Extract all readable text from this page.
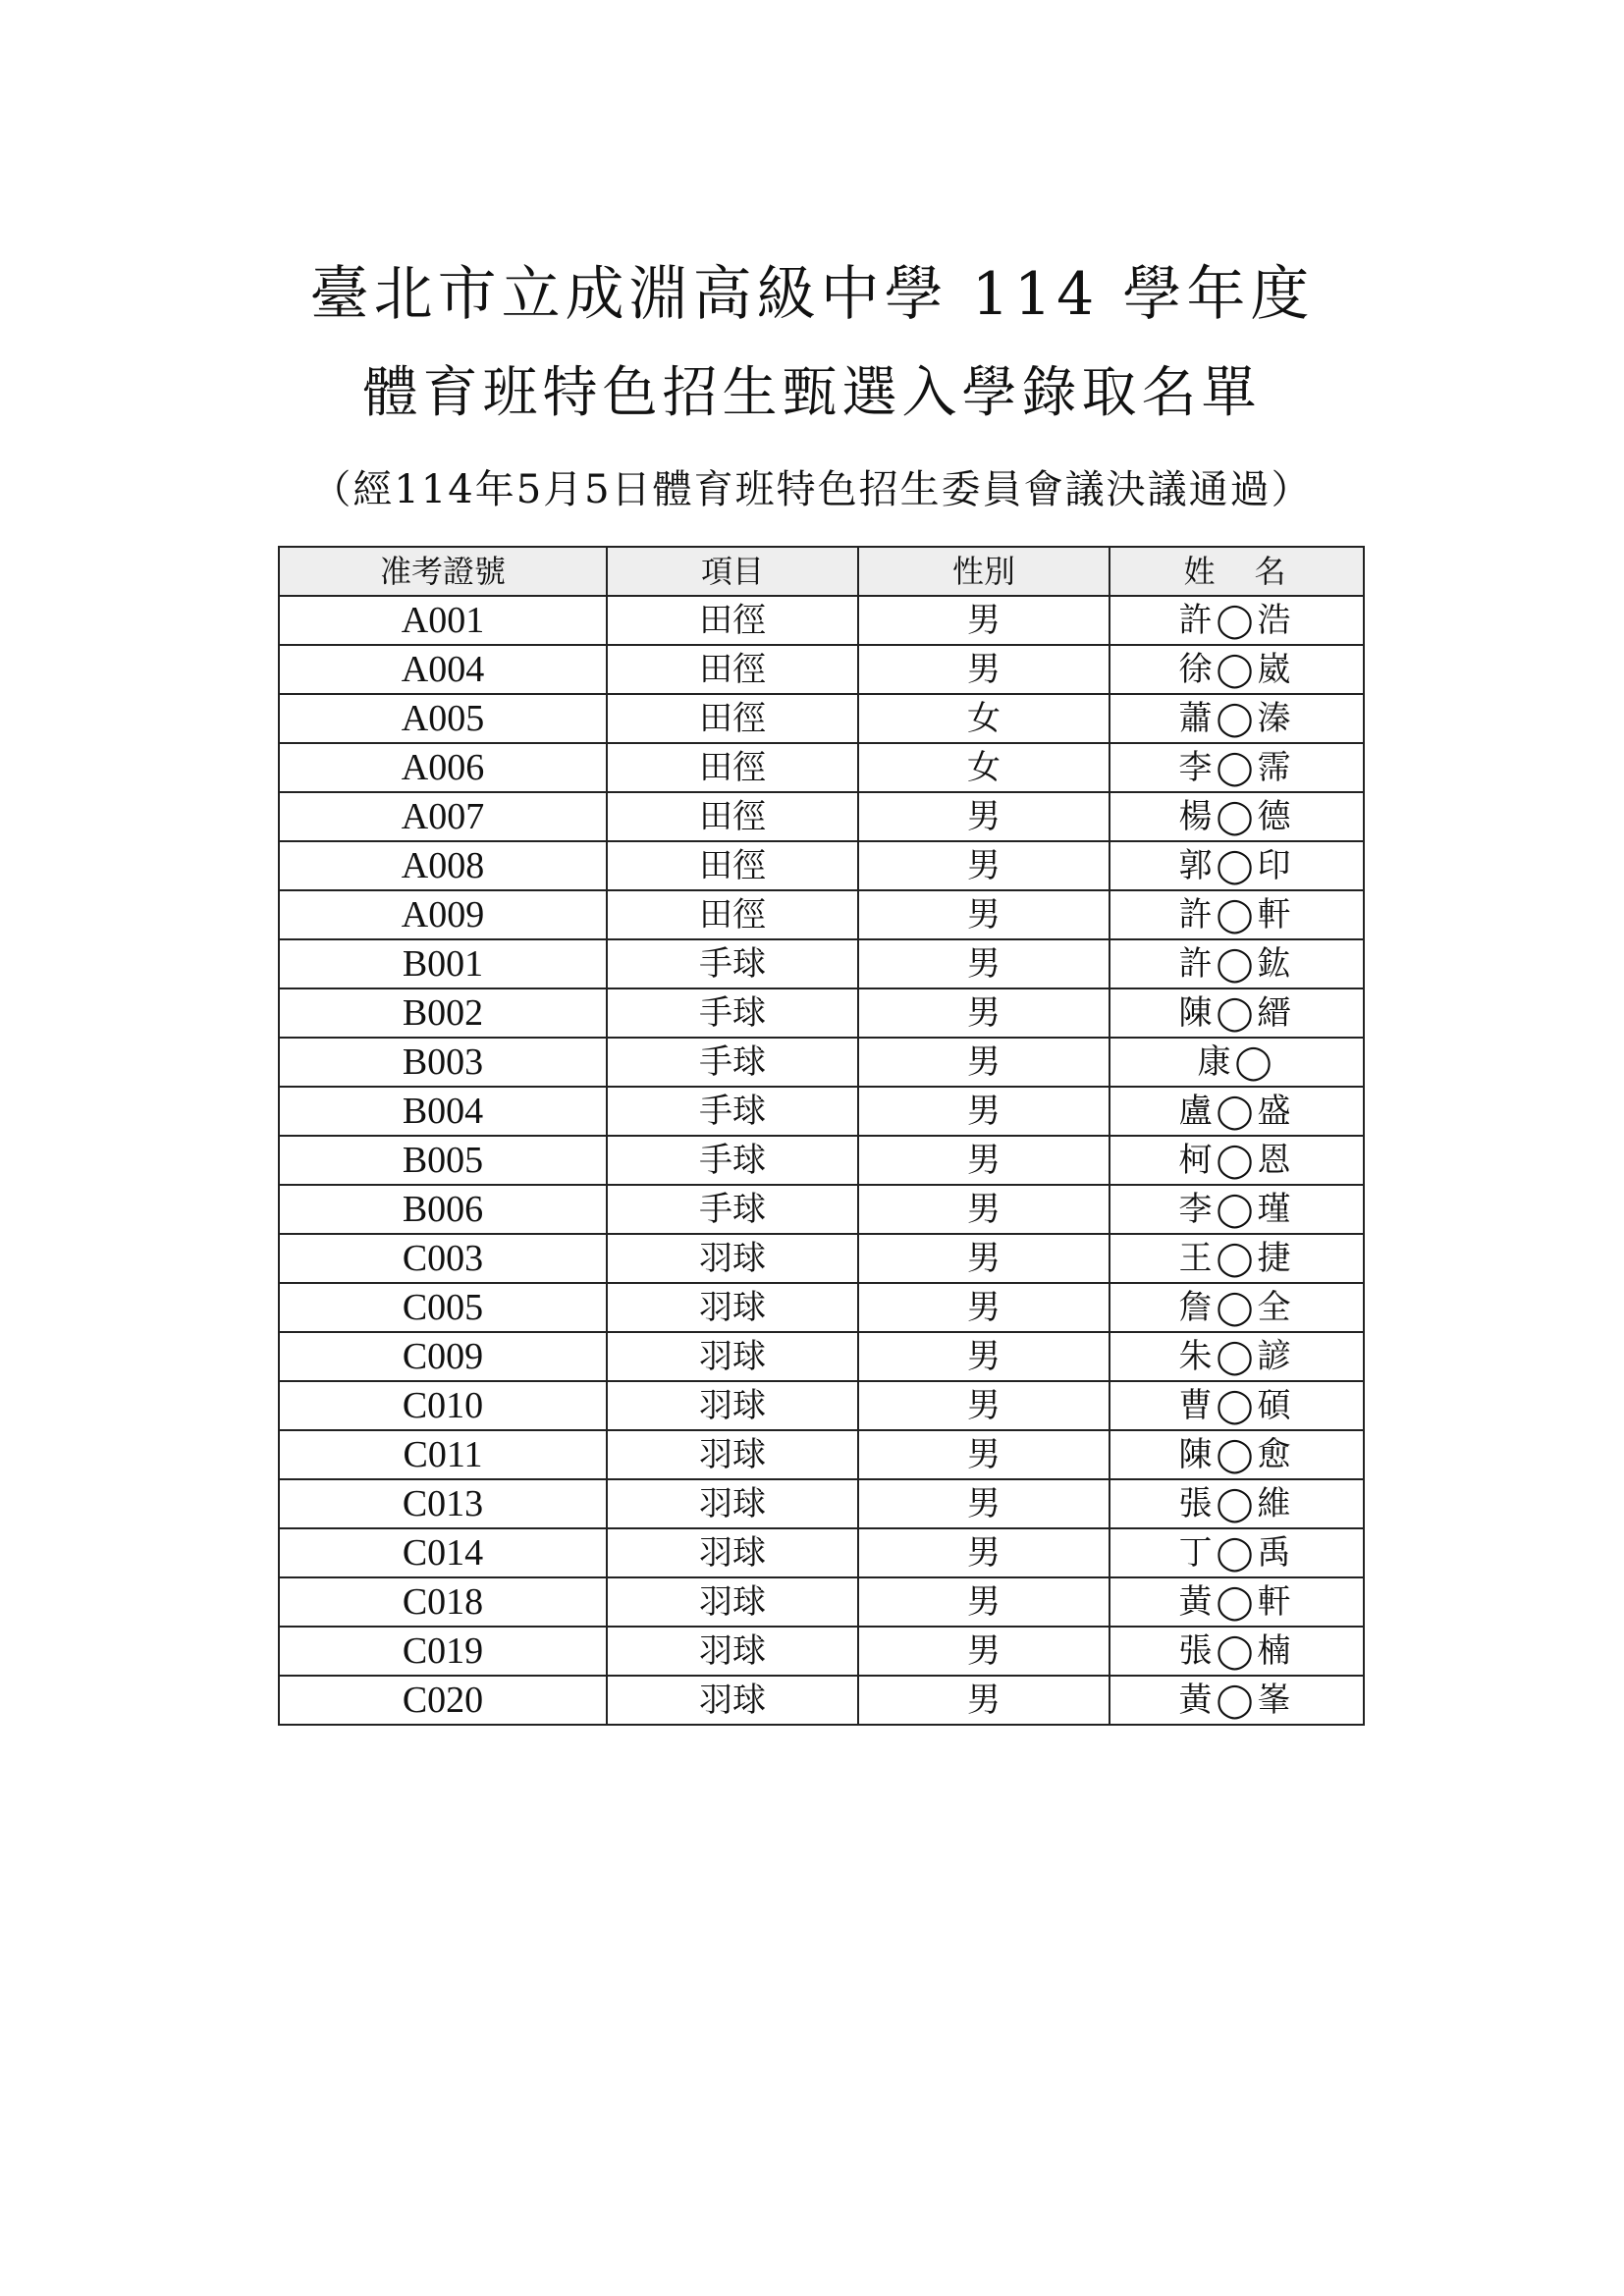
臺北市立成淵高級中學 114 學年度
體育班特色招生甄選入學錄取名單
（經114年5月5日體育班特色招生委員會議決議通過）
准考證號	項目	性別	姓　名
A001	田徑	男	許◯浩
A004	田徑	男	徐◯崴
A005	田徑	女	蕭◯溱
A006	田徑	女	李◯霈
A007	田徑	男	楊◯德
A008	田徑	男	郭◯印
A009	田徑	男	許◯軒
B001	手球	男	許◯鈜
B002	手球	男	陳◯縉
B003	手球	男	康◯
B004	手球	男	盧◯盛
B005	手球	男	柯◯恩
B006	手球	男	李◯瑾
C003	羽球	男	王◯捷
C005	羽球	男	詹◯全
C009	羽球	男	朱◯諺
C010	羽球	男	曹◯碩
C011	羽球	男	陳◯愈
C013	羽球	男	張◯維
C014	羽球	男	丁◯禹
C018	羽球	男	黃◯軒
C019	羽球	男	張◯楠
C020	羽球	男	黃◯峯
